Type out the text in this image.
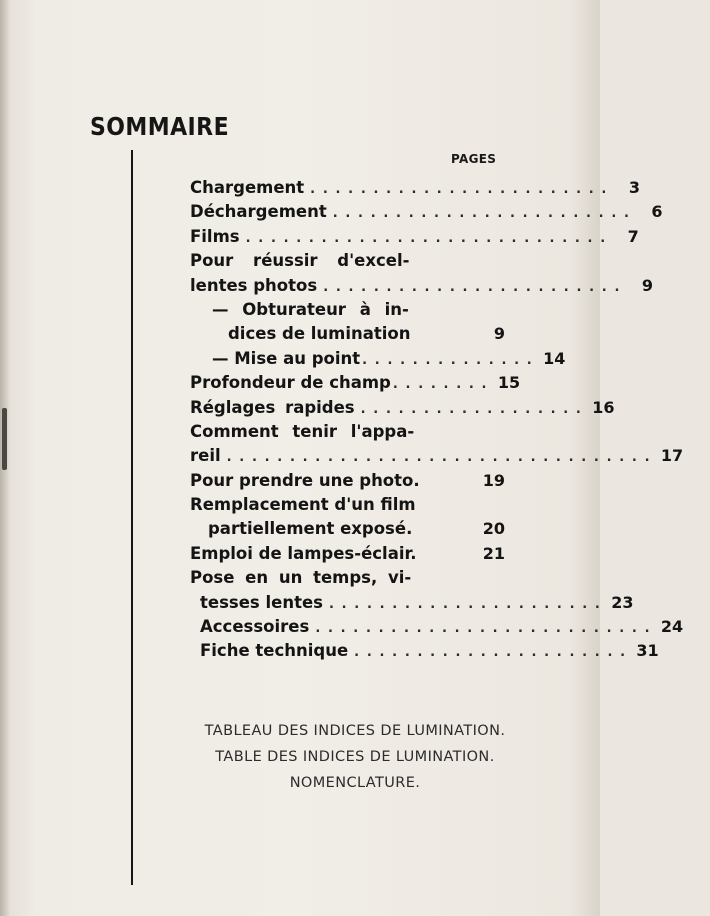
SOMMAIRE
PAGES
Chargement . . . . . . . . . . . . . . . . . . . . . . . .	3
Déchargement . . . . . . . . . . . . . . . . . . . . . . . .	6
Films . . . . . . . . . . . . . . . . . . . . . . . . . . . . .	7
Pour réussir d'excel-
lentes photos . . . . . . . . . . . . . . . . . . . . . . . .	9
— Obturateur à in-
dices de lumination	9
— Mise au point . . . . . . . . . . . . . . 14
Profondeur de champ . . . . . . . . 15
Réglages rapides . . . . . . . . . . . . . . . . . . 16
Comment tenir l'appa-
reil . . . . . . . . . . . . . . . . . . . . . . . . . . . . . . . . . . 17
Pour prendre une photo.	19
Remplacement d'un film
partiellement exposé.	20
Emploi de lampes-éclair.	21
Pose en un temps, vi-
tesses lentes . . . . . . . . . . . . . . . . . . . . . . 23
Accessoires . . . . . . . . . . . . . . . . . . . . . . . . . . . 24
Fiche technique . . . . . . . . . . . . . . . . . . . . . . 31
TABLEAU DES INDICES DE LUMINATION.
TABLE DES INDICES DE LUMINATION.
NOMENCLATURE.
